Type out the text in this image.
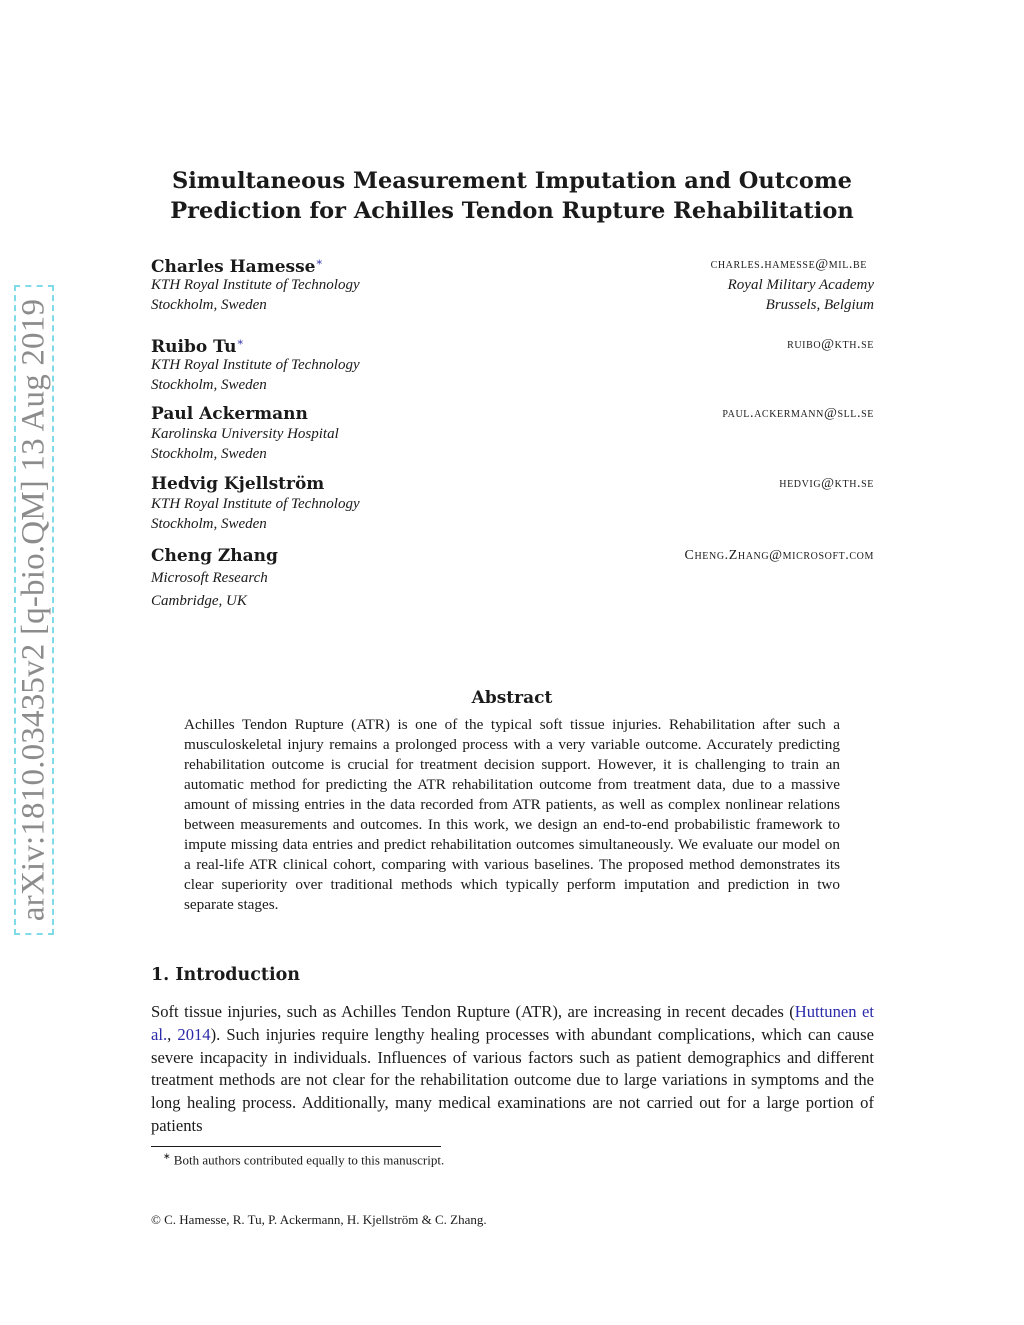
arXiv:1810.03435v2 [q-bio.QM] 13 Aug 2019
Simultaneous Measurement Imputation and Outcome
Prediction for Achilles Tendon Rupture Rehabilitation
Charles Hamesse∗	charles.hamesse@mil.be
KTH Royal Institute of Technology	Royal Military Academy
Stockholm, Sweden	Brussels, Belgium
Ruibo Tu∗	ruibo@kth.se
KTH Royal Institute of Technology
Stockholm, Sweden
Paul Ackermann	paul.ackermann@sll.se
Karolinska University Hospital
Stockholm, Sweden
Hedvig Kjellström	hedvig@kth.se
KTH Royal Institute of Technology
Stockholm, Sweden
Cheng Zhang	Cheng.Zhang@microsoft.com
Microsoft Research
Cambridge, UK
Abstract
Achilles Tendon Rupture (ATR) is one of the typical soft tissue injuries. Rehabilitation after such a musculoskeletal injury remains a prolonged process with a very variable outcome. Accurately predicting rehabilitation outcome is crucial for treatment decision support. However, it is challenging to train an automatic method for predicting the ATR rehabilitation outcome from treatment data, due to a massive amount of missing entries in the data recorded from ATR patients, as well as complex nonlinear relations between measurements and outcomes. In this work, we design an end-to-end probabilistic framework to impute missing data entries and predict rehabilitation outcomes simultaneously. We evaluate our model on a real-life ATR clinical cohort, comparing with various baselines. The proposed method demonstrates its clear superiority over traditional methods which typically perform imputation and prediction in two separate stages.
1. Introduction
Soft tissue injuries, such as Achilles Tendon Rupture (ATR), are increasing in recent decades (Huttunen et al., 2014). Such injuries require lengthy healing processes with abundant complications, which can cause severe incapacity in individuals. Influences of various factors such as patient demographics and different treatment methods are not clear for the rehabilitation outcome due to large variations in symptoms and the long healing process. Additionally, many medical examinations are not carried out for a large portion of patients
∗ Both authors contributed equally to this manuscript.
© C. Hamesse, R. Tu, P. Ackermann, H. Kjellström & C. Zhang.
